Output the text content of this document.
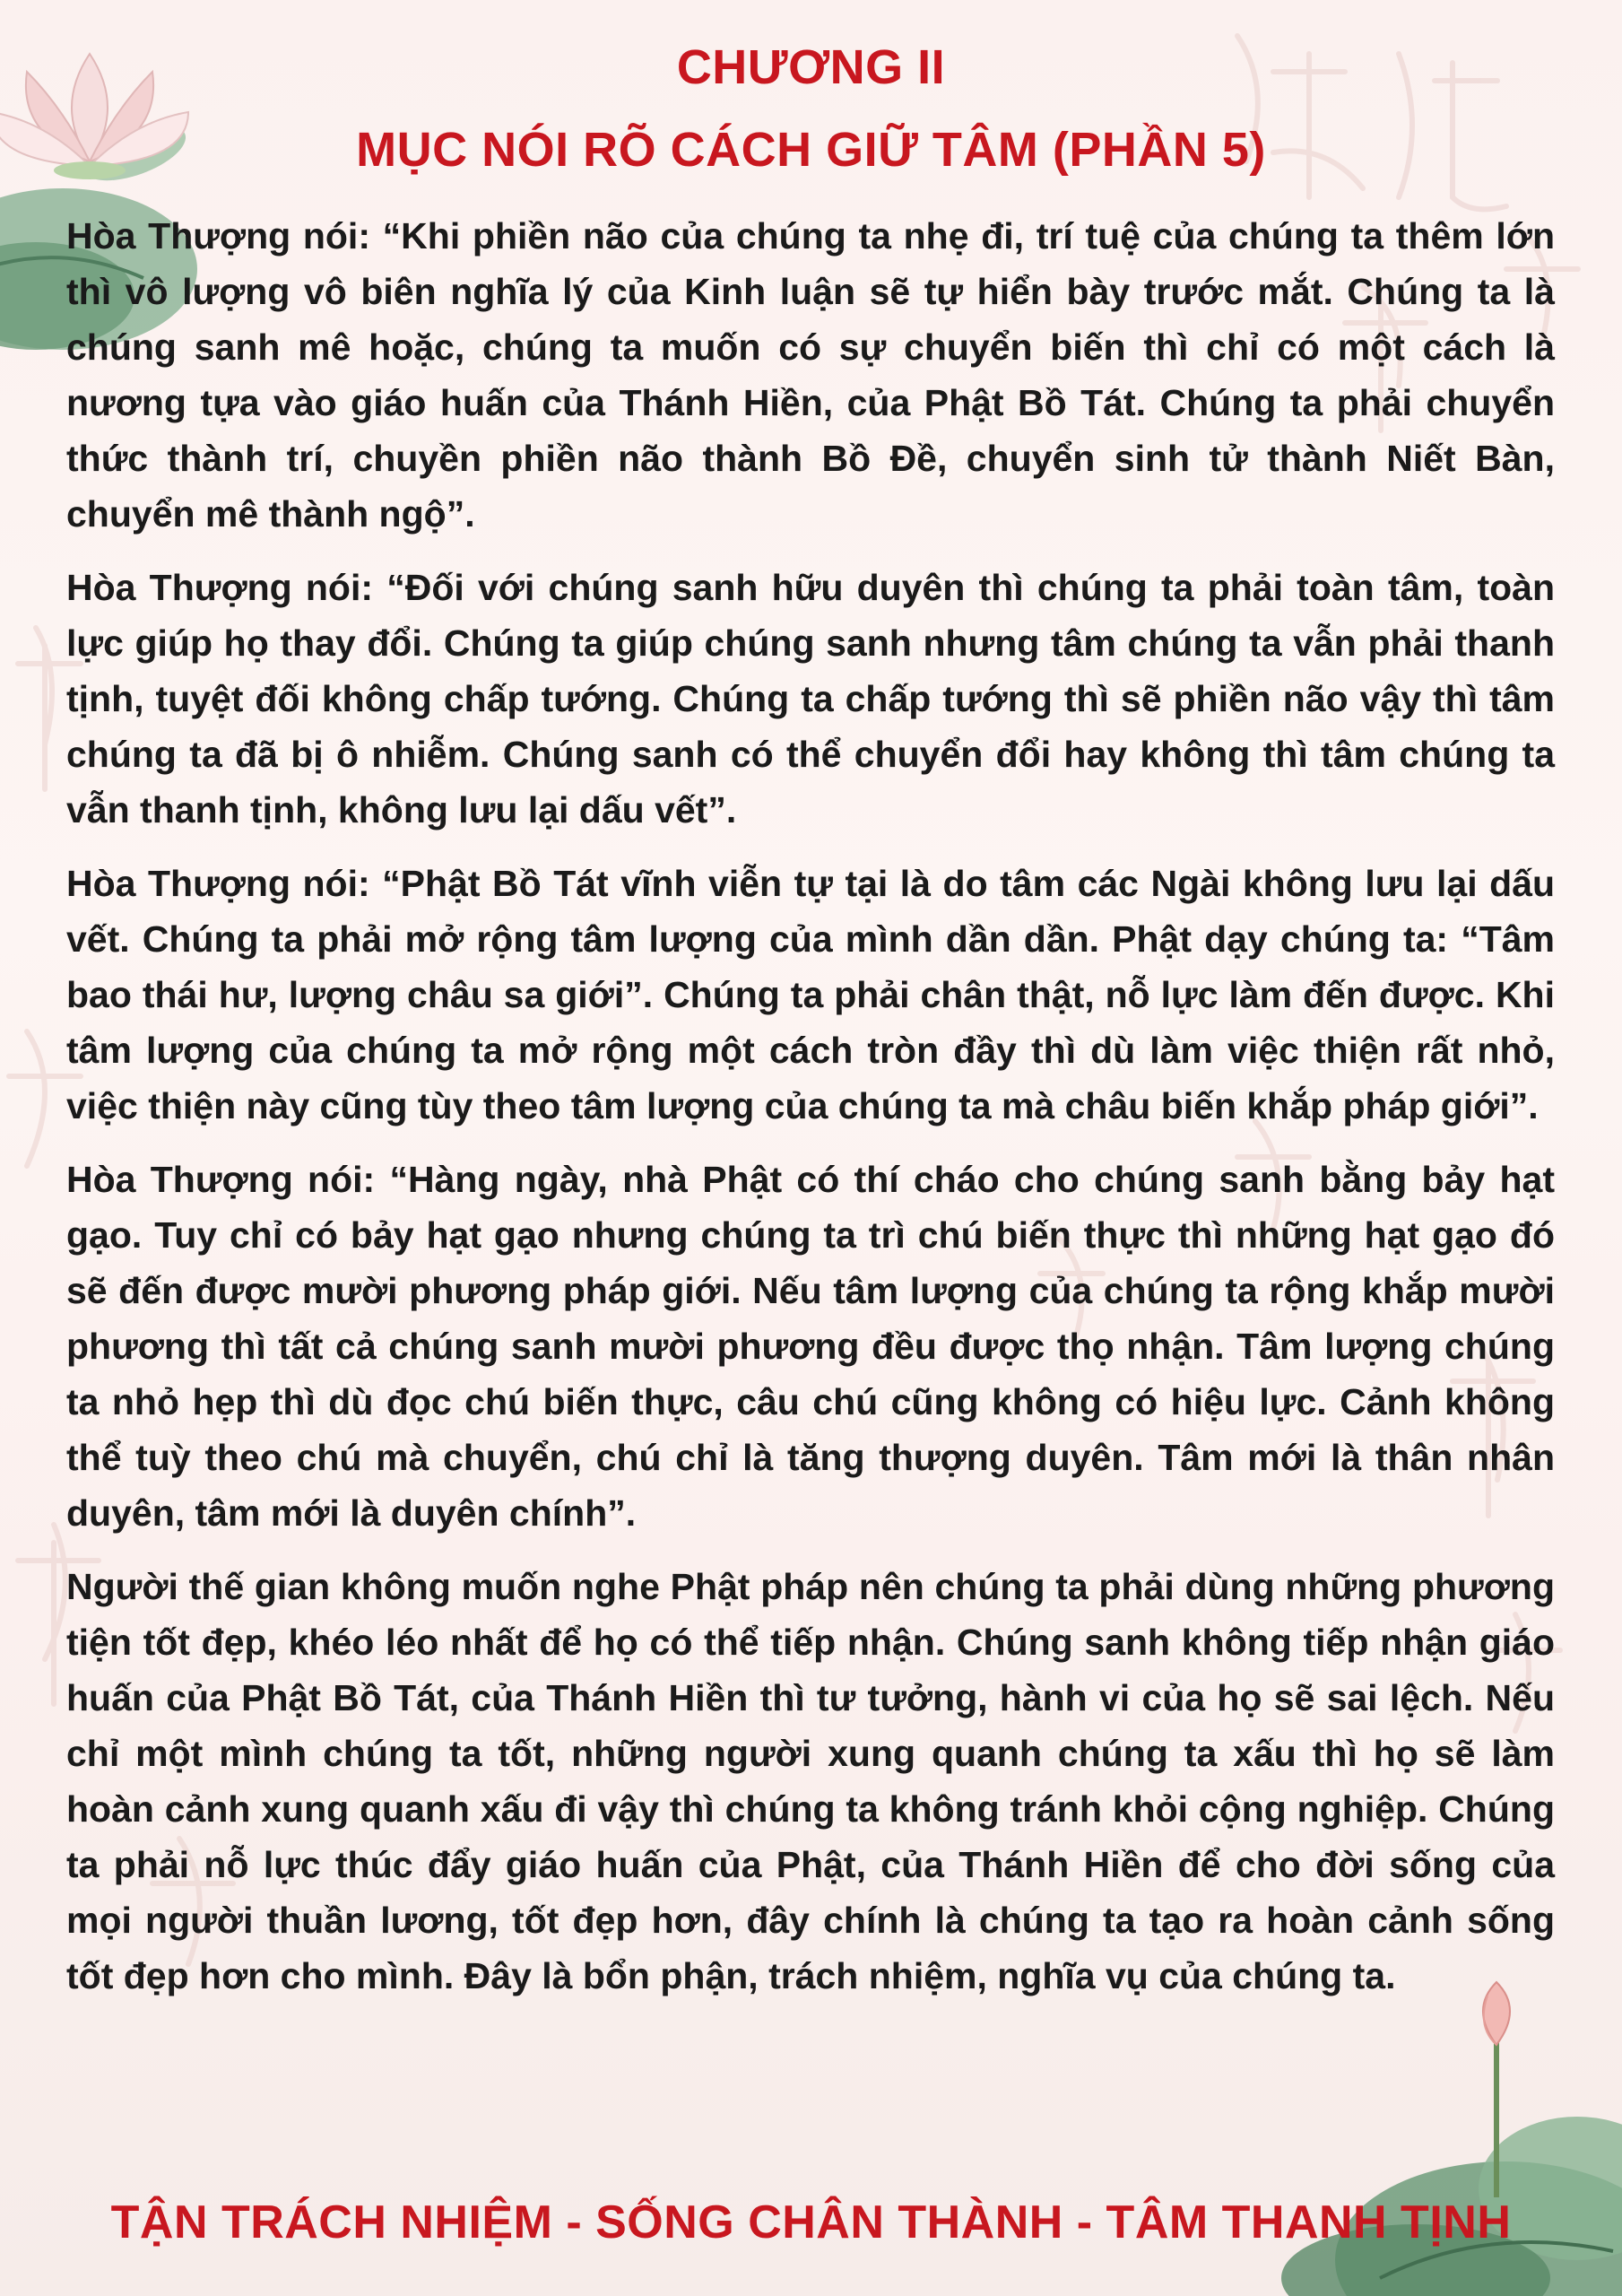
CHƯƠNG II
MỤC NÓI RÕ CÁCH GIỮ TÂM (PHẦN 5)

Hòa Thượng nói: “Khi phiền não của chúng ta nhẹ đi, trí tuệ của chúng ta thêm lớn thì vô lượng vô biên nghĩa lý của Kinh luận sẽ tự hiển bày trước mắt. Chúng ta là chúng sanh mê hoặc, chúng ta muốn có sự chuyển biến thì chỉ có một cách là nương tựa vào giáo huấn của Thánh Hiền, của Phật Bồ Tát. Chúng ta phải chuyển thức thành trí, chuyền phiền não thành Bồ Đề, chuyển sinh tử thành Niết Bàn, chuyển mê thành ngộ”.

Hòa Thượng nói: “Đối với chúng sanh hữu duyên thì chúng ta phải toàn tâm, toàn lực giúp họ thay đổi. Chúng ta giúp chúng sanh nhưng tâm chúng ta vẫn phải thanh tịnh, tuyệt đối không chấp tướng. Chúng ta chấp tướng thì sẽ phiền não vậy thì tâm chúng ta đã bị ô nhiễm. Chúng sanh có thể chuyển đổi hay không thì tâm chúng ta vẫn thanh tịnh, không lưu lại dấu vết”.

Hòa Thượng nói: “Phật Bồ Tát vĩnh viễn tự tại là do tâm các Ngài không lưu lại dấu vết. Chúng ta phải mở rộng tâm lượng của mình dần dần. Phật dạy chúng ta: “Tâm bao thái hư, lượng châu sa giới”. Chúng ta phải chân thật, nỗ lực làm đến được. Khi tâm lượng của chúng ta mở rộng một cách tròn đầy thì dù làm việc thiện rất nhỏ, việc thiện này cũng tùy theo tâm lượng của chúng ta mà châu biến khắp pháp giới”.

Hòa Thượng nói: “Hàng ngày, nhà Phật có thí cháo cho chúng sanh bằng bảy hạt gạo. Tuy chỉ có bảy hạt gạo nhưng chúng ta trì chú biến thực thì những hạt gạo đó sẽ đến được mười phương pháp giới. Nếu tâm lượng của chúng ta rộng khắp mười phương thì tất cả chúng sanh mười phương đều được thọ nhận. Tâm lượng chúng ta nhỏ hẹp thì dù đọc chú biến thực, câu chú cũng không có hiệu lực. Cảnh không thể tuỳ theo chú mà chuyển, chú chỉ là tăng thượng duyên. Tâm mới là thân nhân duyên, tâm mới là duyên chính”.

Người thế gian không muốn nghe Phật pháp nên chúng ta phải dùng những phương tiện tốt đẹp, khéo léo nhất để họ có thể tiếp nhận. Chúng sanh không tiếp nhận giáo huấn của Phật Bồ Tát, của Thánh Hiền thì tư tưởng, hành vi của họ sẽ sai lệch. Nếu chỉ một mình chúng ta tốt, những người xung quanh chúng ta xấu thì họ sẽ làm hoàn cảnh xung quanh xấu đi vậy thì chúng ta không tránh khỏi cộng nghiệp. Chúng ta phải nỗ lực thúc đẩy giáo huấn của Phật, của Thánh Hiền để cho đời sống của mọi người thuần lương, tốt đẹp hơn, đây chính là chúng ta tạo ra hoàn cảnh sống tốt đẹp hơn cho mình. Đây là bổn phận, trách nhiệm, nghĩa vụ của chúng ta.

TẬN TRÁCH NHIỆM - SỐNG CHÂN THÀNH - TÂM THANH TỊNH
